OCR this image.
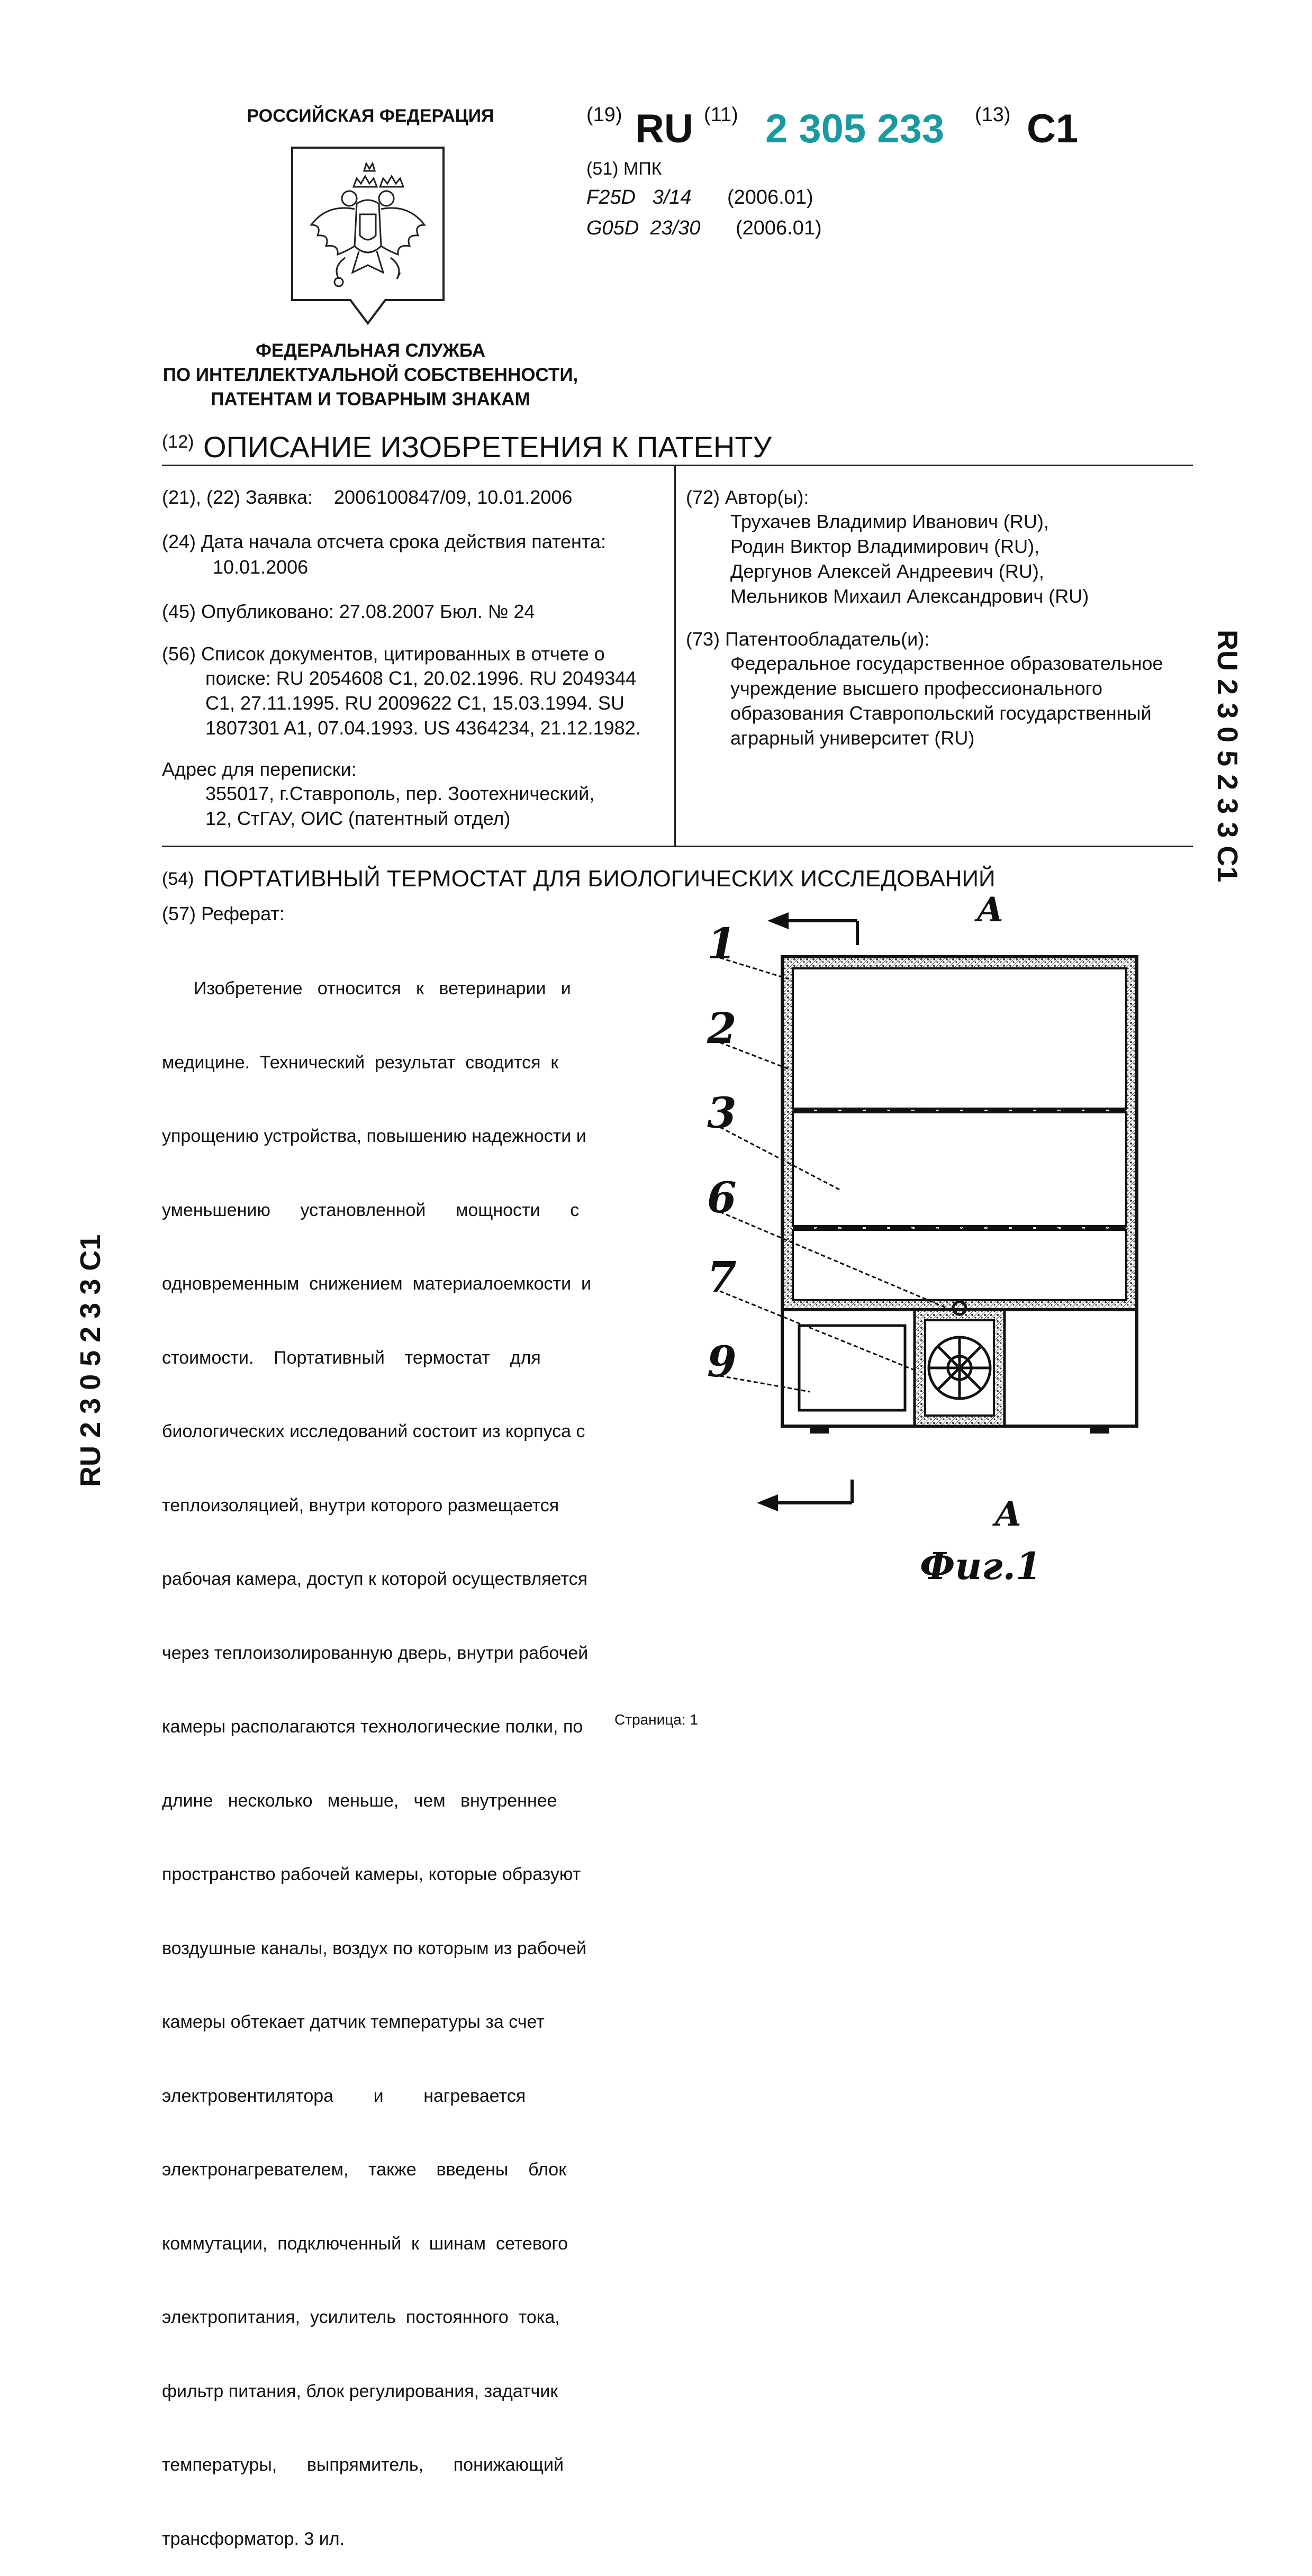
РОССИЙСКАЯ ФЕДЕРАЦИЯ	(19) RU (11) 2 305 233 (13) C1
(51) МПК
F25D   3/14 (2006.01)
G05D  23/30 (2006.01)
ФЕДЕРАЛЬНАЯ СЛУЖБА
ПО ИНТЕЛЛЕКТУАЛЬНОЙ СОБСТВЕННОСТИ,
ПАТЕНТАМ И ТОВАРНЫМ ЗНАКАМ
(12) ОПИСАНИЕ ИЗОБРЕТЕНИЯ К ПАТЕНТУ
(21), (22) Заявка: 2006100847/09, 10.01.2006
(24) Дата начала отсчета срока действия патента:
10.01.2006
(45) Опубликовано: 27.08.2007 Бюл. № 24
(56) Список документов, цитированных в отчете о
поиске: RU 2054608 C1, 20.02.1996. RU 2049344
C1, 27.11.1995. RU 2009622 C1, 15.03.1994. SU
1807301 A1, 07.04.1993. US 4364234, 21.12.1982.
Адрес для переписки:
355017, г.Ставрополь, пер. Зоотехнический,
12, СтГАУ, ОИС (патентный отдел)
(72) Автор(ы):
Трухачев Владимир Иванович (RU),
Родин Виктор Владимирович (RU),
Дергунов Алексей Андреевич (RU),
Мельников Михаил Александрович (RU)
(73) Патентообладатель(и):
Федеральное государственное образовательное
учреждение высшего профессионального
образования Ставропольский государственный
аграрный университет (RU)
(54) ПОРТАТИВНЫЙ ТЕРМОСТАТ ДЛЯ БИОЛОГИЧЕСКИХ ИССЛЕДОВАНИЙ
(57) Реферат:

Изобретение   относится   к   ветеринарии   и

медицине.  Технический  результат  сводится  к

упрощению устройства, повышению надежности и

уменьшению      установленной      мощности      с

одновременным  снижением  материалоемкости  и

стоимости.    Портативный    термостат    для

биологических исследований состоит из корпуса с

теплоизоляцией, внутри которого размещается

рабочая камера, доступ к которой осуществляется

через теплоизолированную дверь, внутри рабочей

камеры располагаются технологические полки, по

длине   несколько   меньше,   чем   внутреннее

пространство рабочей камеры, которые образуют

воздушные каналы, воздух по которым из рабочей

камеры обтекает датчик температуры за счет

электровентилятора        и        нагревается

электронагревателем,    также    введены    блок

коммутации,  подключенный  к  шинам  сетевого

электропитания,  усилитель  постоянного  тока,

фильтр питания, блок регулирования, задатчик

температуры,      выпрямитель,      понижающий

трансформатор. 3 ил.

RU 2 3 0 5 2 3 3 C1
RU 2 3 0 5 2 3 3 C1
A
1
2
3
6
7
9
A
Фиг.1
Страница: 1
